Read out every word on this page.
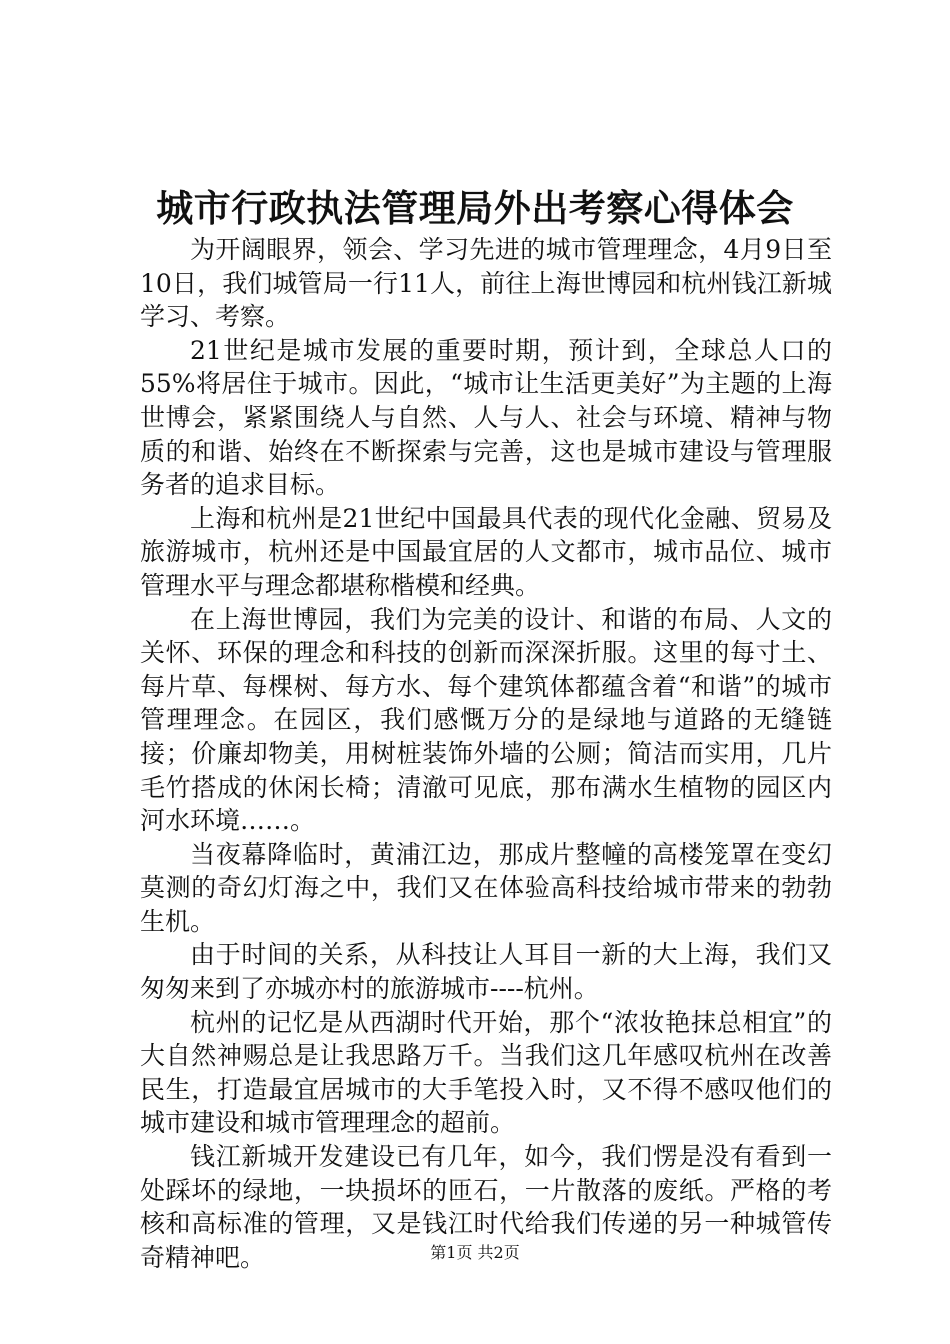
城市行政执法管理局外出考察心得体会

为开阔眼界，领会、学习先进的城市管理理念，4月9日至10日，我们城管局一行11人，前往上海世博园和杭州钱江新城学习、考察。

21世纪是城市发展的重要时期，预计到，全球总人口的55%将居住于城市。因此，“城市让生活更美好”为主题的上海世博会，紧紧围绕人与自然、人与人、社会与环境、精神与物质的和谐、始终在不断探索与完善，这也是城市建设与管理服务者的追求目标。

上海和杭州是21世纪中国最具代表的现代化金融、贸易及旅游城市，杭州还是中国最宜居的人文都市，城市品位、城市管理水平与理念都堪称楷模和经典。

在上海世博园，我们为完美的设计、和谐的布局、人文的关怀、环保的理念和科技的创新而深深折服。这里的每寸土、每片草、每棵树、每方水、每个建筑体都蕴含着“和谐”的城市管理理念。在园区，我们感慨万分的是绿地与道路的无缝链接；价廉却物美，用树桩装饰外墙的公厕；简洁而实用，几片毛竹搭成的休闲长椅；清澈可见底，那布满水生植物的园区内河水环境……。

当夜幕降临时，黄浦江边，那成片整幢的高楼笼罩在变幻莫测的奇幻灯海之中，我们又在体验高科技给城市带来的勃勃生机。

由于时间的关系，从科技让人耳目一新的大上海，我们又匆匆来到了亦城亦村的旅游城市----杭州。

杭州的记忆是从西湖时代开始，那个“浓妆艳抹总相宜”的大自然神赐总是让我思路万千。当我们这几年感叹杭州在改善民生，打造最宜居城市的大手笔投入时，又不得不感叹他们的城市建设和城市管理理念的超前。

钱江新城开发建设已有几年，如今，我们愣是没有看到一处踩坏的绿地，一块损坏的匝石，一片散落的废纸。严格的考核和高标准的管理，又是钱江时代给我们传递的另一种城管传奇精神吧。	第1页 共2页
